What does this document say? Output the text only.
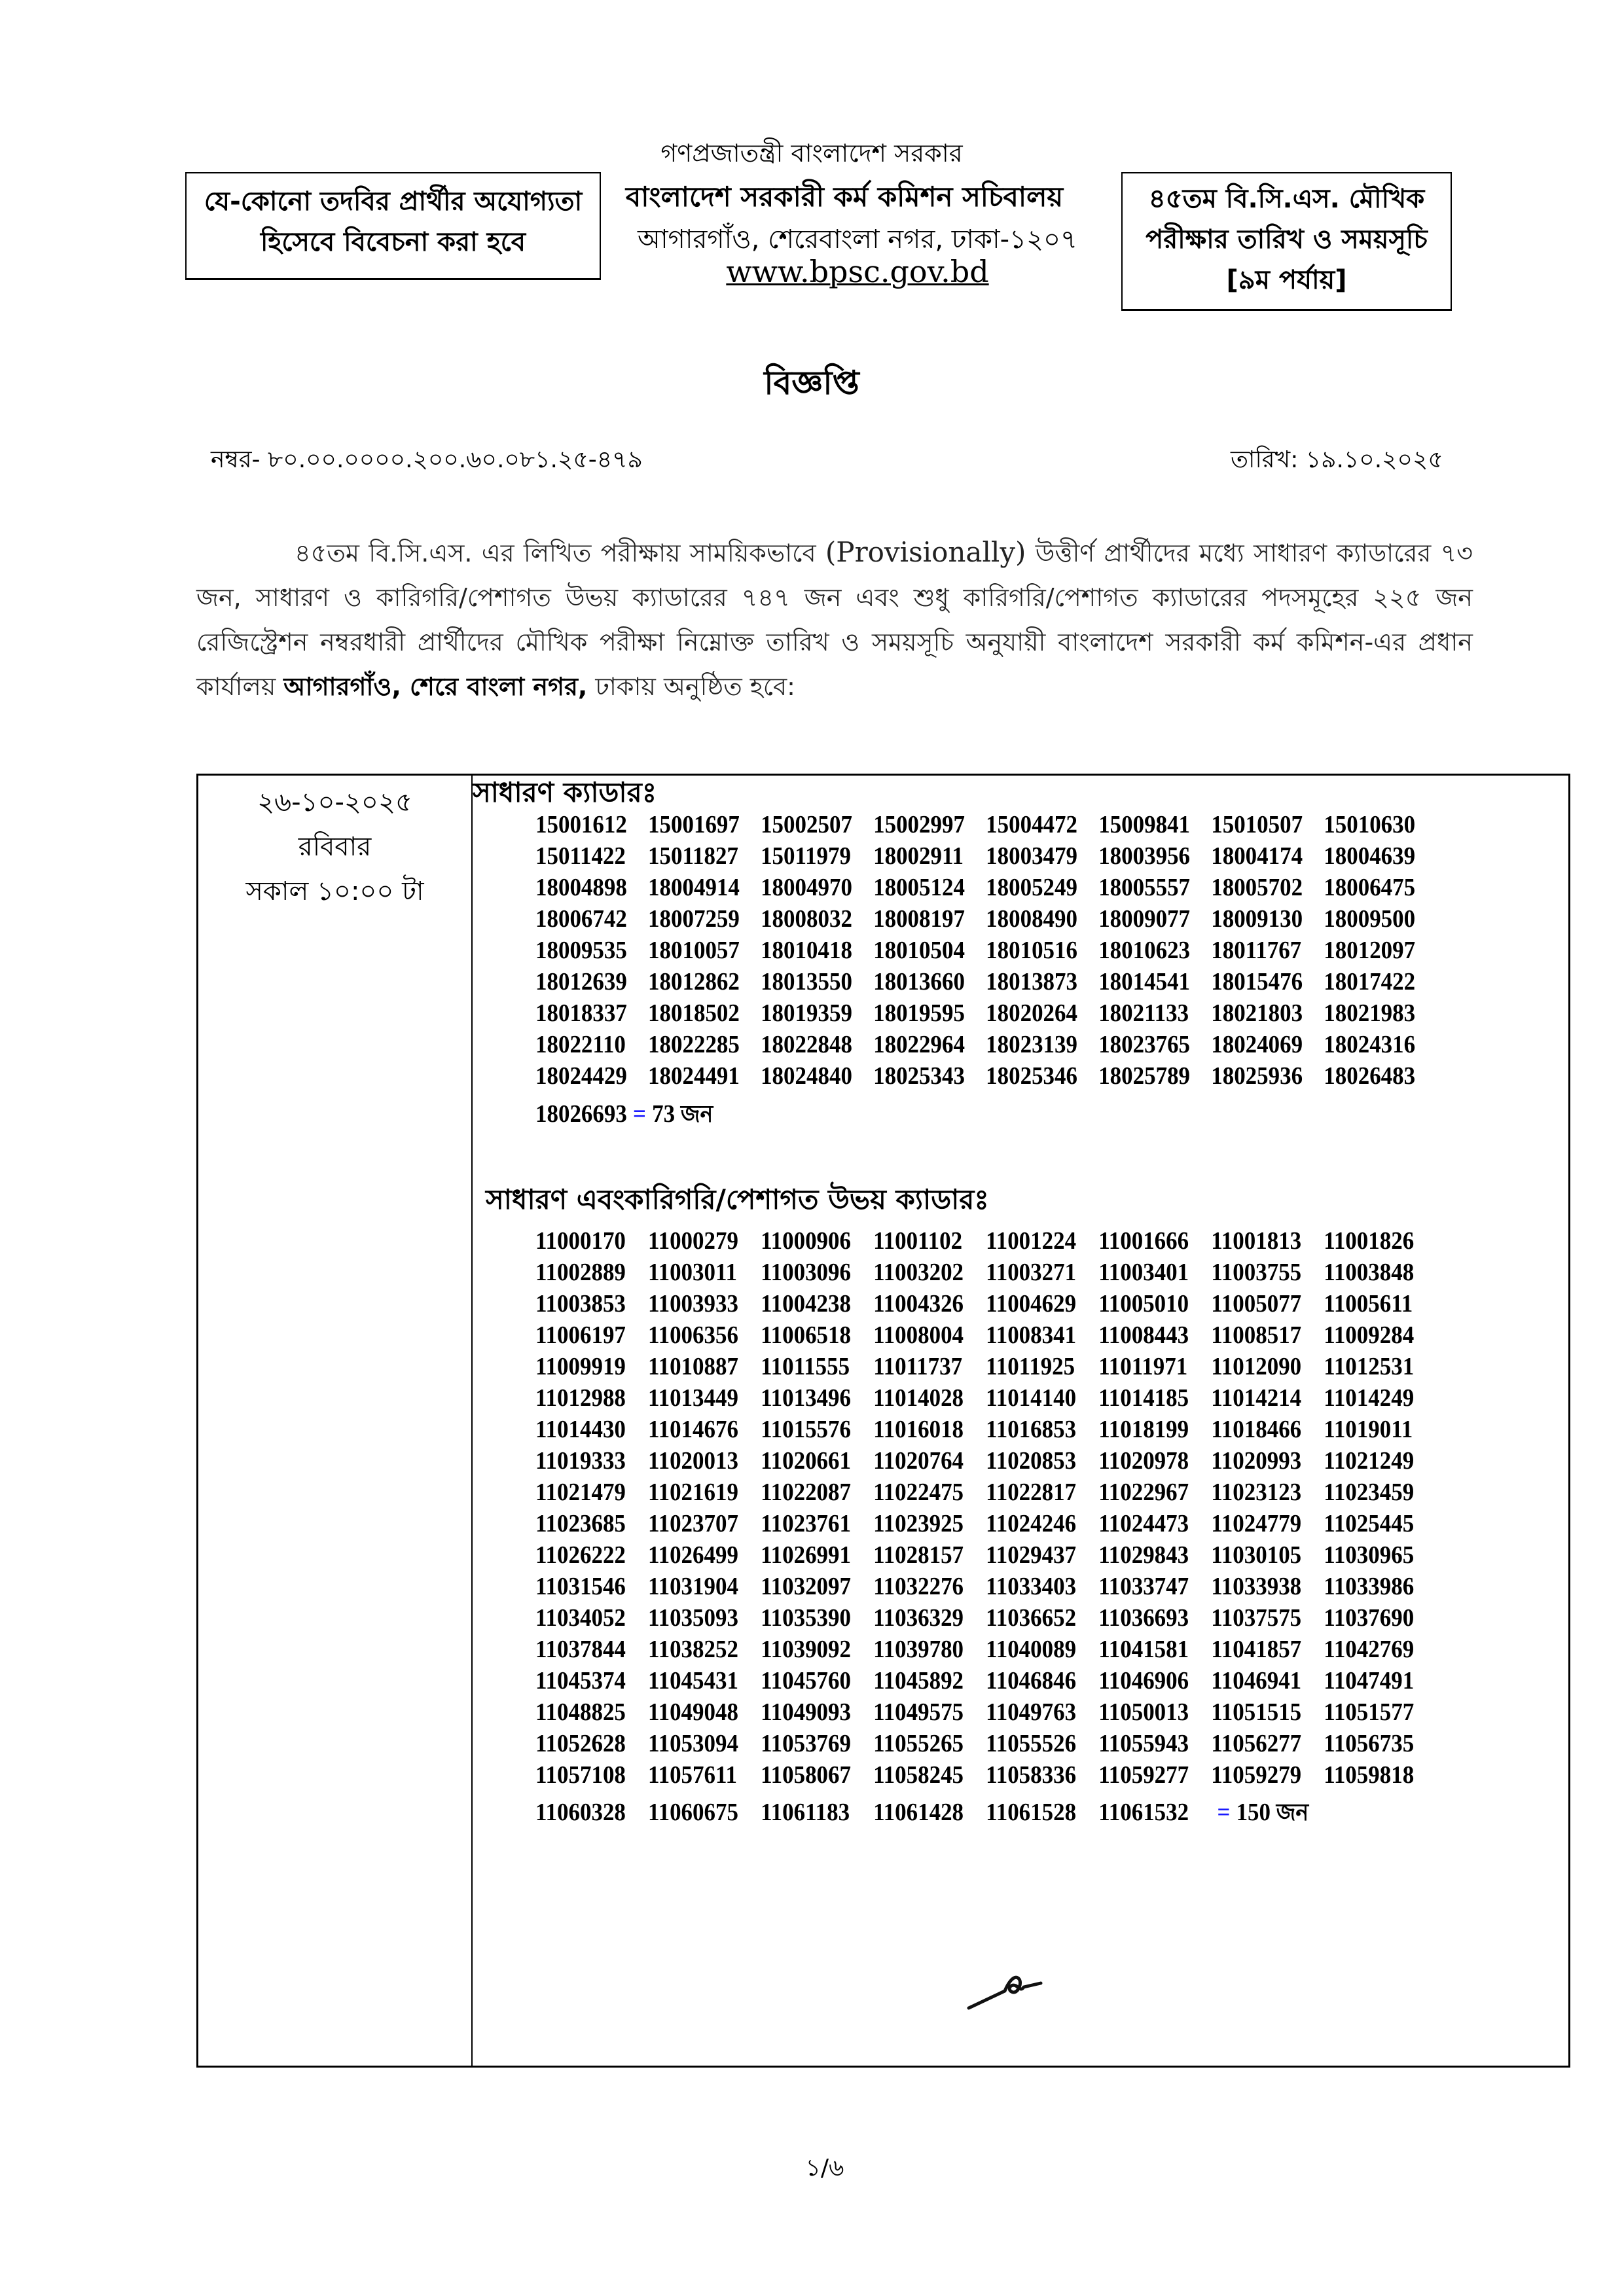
গণপ্রজাতন্ত্রী বাংলাদেশ সরকার
বাংলাদেশ সরকারী কর্ম কমিশন সচিবালয়
আগারগাঁও, শেরেবাংলা নগর, ঢাকা-১২০৭
www.bpsc.gov.bd
যে-কোনো তদবির প্রার্থীর অযোগ্যতা
হিসেবে বিবেচনা করা হবে
৪৫তম বি.সি.এস. মৌখিক
পরীক্ষার তারিখ ও সময়সূচি
[৯ম পর্যায়]
বিজ্ঞপ্তি
নম্বর- ৮০.০০.০০০০.২০০.৬০.০৮১.২৫-৪৭৯	তারিখ: ১৯.১০.২০২৫
৪৫তম বি.সি.এস. এর লিখিত পরীক্ষায় সাময়িকভাবে (Provisionally) উত্তীর্ণ প্রার্থীদের মধ্যে সাধারণ ক্যাডারের ৭৩ জন, সাধারণ ও কারিগরি/পেশাগত উভয় ক্যাডারের ৭৪৭ জন এবং শুধু কারিগরি/পেশাগত ক্যাডারের পদসমূহের ২২৫ জন রেজিস্ট্রেশন নম্বরধারী প্রার্থীদের মৌখিক পরীক্ষা নিম্নোক্ত তারিখ ও সময়সূচি অনুযায়ী বাংলাদেশ সরকারী কর্ম কমিশন-এর প্রধান কার্যালয় আগারগাঁও, শেরে বাংলা নগর, ঢাকায় অনুষ্ঠিত হবে:
২৬-১০-২০২৫
রবিবার
সকাল ১০:০০ টা
সাধারণ ক্যাডারঃ
15001612 15001697 15002507 15002997 15004472 15009841 15010507 15010630
15011422 15011827 15011979 18002911 18003479 18003956 18004174 18004639
18004898 18004914 18004970 18005124 18005249 18005557 18005702 18006475
18006742 18007259 18008032 18008197 18008490 18009077 18009130 18009500
18009535 18010057 18010418 18010504 18010516 18010623 18011767 18012097
18012639 18012862 18013550 18013660 18013873 18014541 18015476 18017422
18018337 18018502 18019359 18019595 18020264 18021133 18021803 18021983
18022110 18022285 18022848 18022964 18023139 18023765 18024069 18024316
18024429 18024491 18024840 18025343 18025346 18025789 18025936 18026483
18026693 = 73 জন
সাধারণ এবংকারিগরি/পেশাগত উভয় ক্যাডারঃ
11000170 11000279 11000906 11001102 11001224 11001666 11001813 11001826
11002889 11003011 11003096 11003202 11003271 11003401 11003755 11003848
11003853 11003933 11004238 11004326 11004629 11005010 11005077 11005611
11006197 11006356 11006518 11008004 11008341 11008443 11008517 11009284
11009919 11010887 11011555 11011737 11011925 11011971 11012090 11012531
11012988 11013449 11013496 11014028 11014140 11014185 11014214 11014249
11014430 11014676 11015576 11016018 11016853 11018199 11018466 11019011
11019333 11020013 11020661 11020764 11020853 11020978 11020993 11021249
11021479 11021619 11022087 11022475 11022817 11022967 11023123 11023459
11023685 11023707 11023761 11023925 11024246 11024473 11024779 11025445
11026222 11026499 11026991 11028157 11029437 11029843 11030105 11030965
11031546 11031904 11032097 11032276 11033403 11033747 11033938 11033986
11034052 11035093 11035390 11036329 11036652 11036693 11037575 11037690
11037844 11038252 11039092 11039780 11040089 11041581 11041857 11042769
11045374 11045431 11045760 11045892 11046846 11046906 11046941 11047491
11048825 11049048 11049093 11049575 11049763 11050013 11051515 11051577
11052628 11053094 11053769 11055265 11055526 11055943 11056277 11056735
11057108 11057611 11058067 11058245 11058336 11059277 11059279 11059818
11060328 11060675 11061183 11061428 11061528 11061532 = 150 জন
১/৬
